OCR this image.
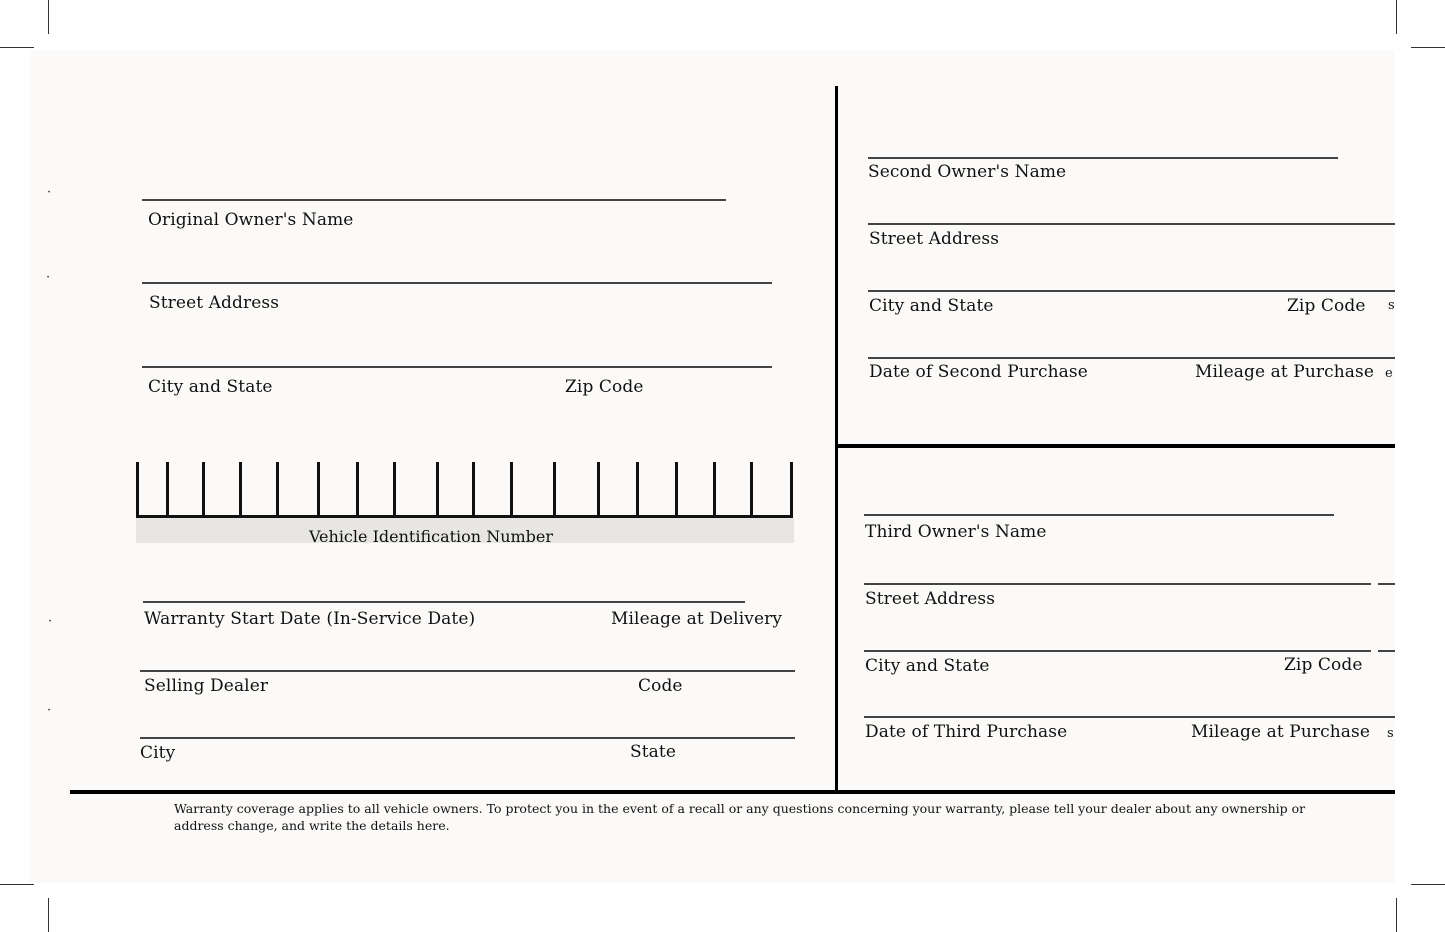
·
·
·
·
Original Owner's Name
Street Address
City and State	Zip Code
Vehicle Identification Number
Warranty Start Date (In-Service Date)	Mileage at Delivery
Selling Dealer	Code
City	State
Second Owner's Name
Street Address
City and State	Zip Code s
Date of Second Purchase	Mileage at Purchase e
Third Owner's Name
Street Address
City and State	Zip Code
Date of Third Purchase	Mileage at Purchase s
Warranty coverage applies to all vehicle owners. To protect you in the event of a recall or any questions concerning your warranty, please tell your dealer about any ownership or address change, and write the details here.
